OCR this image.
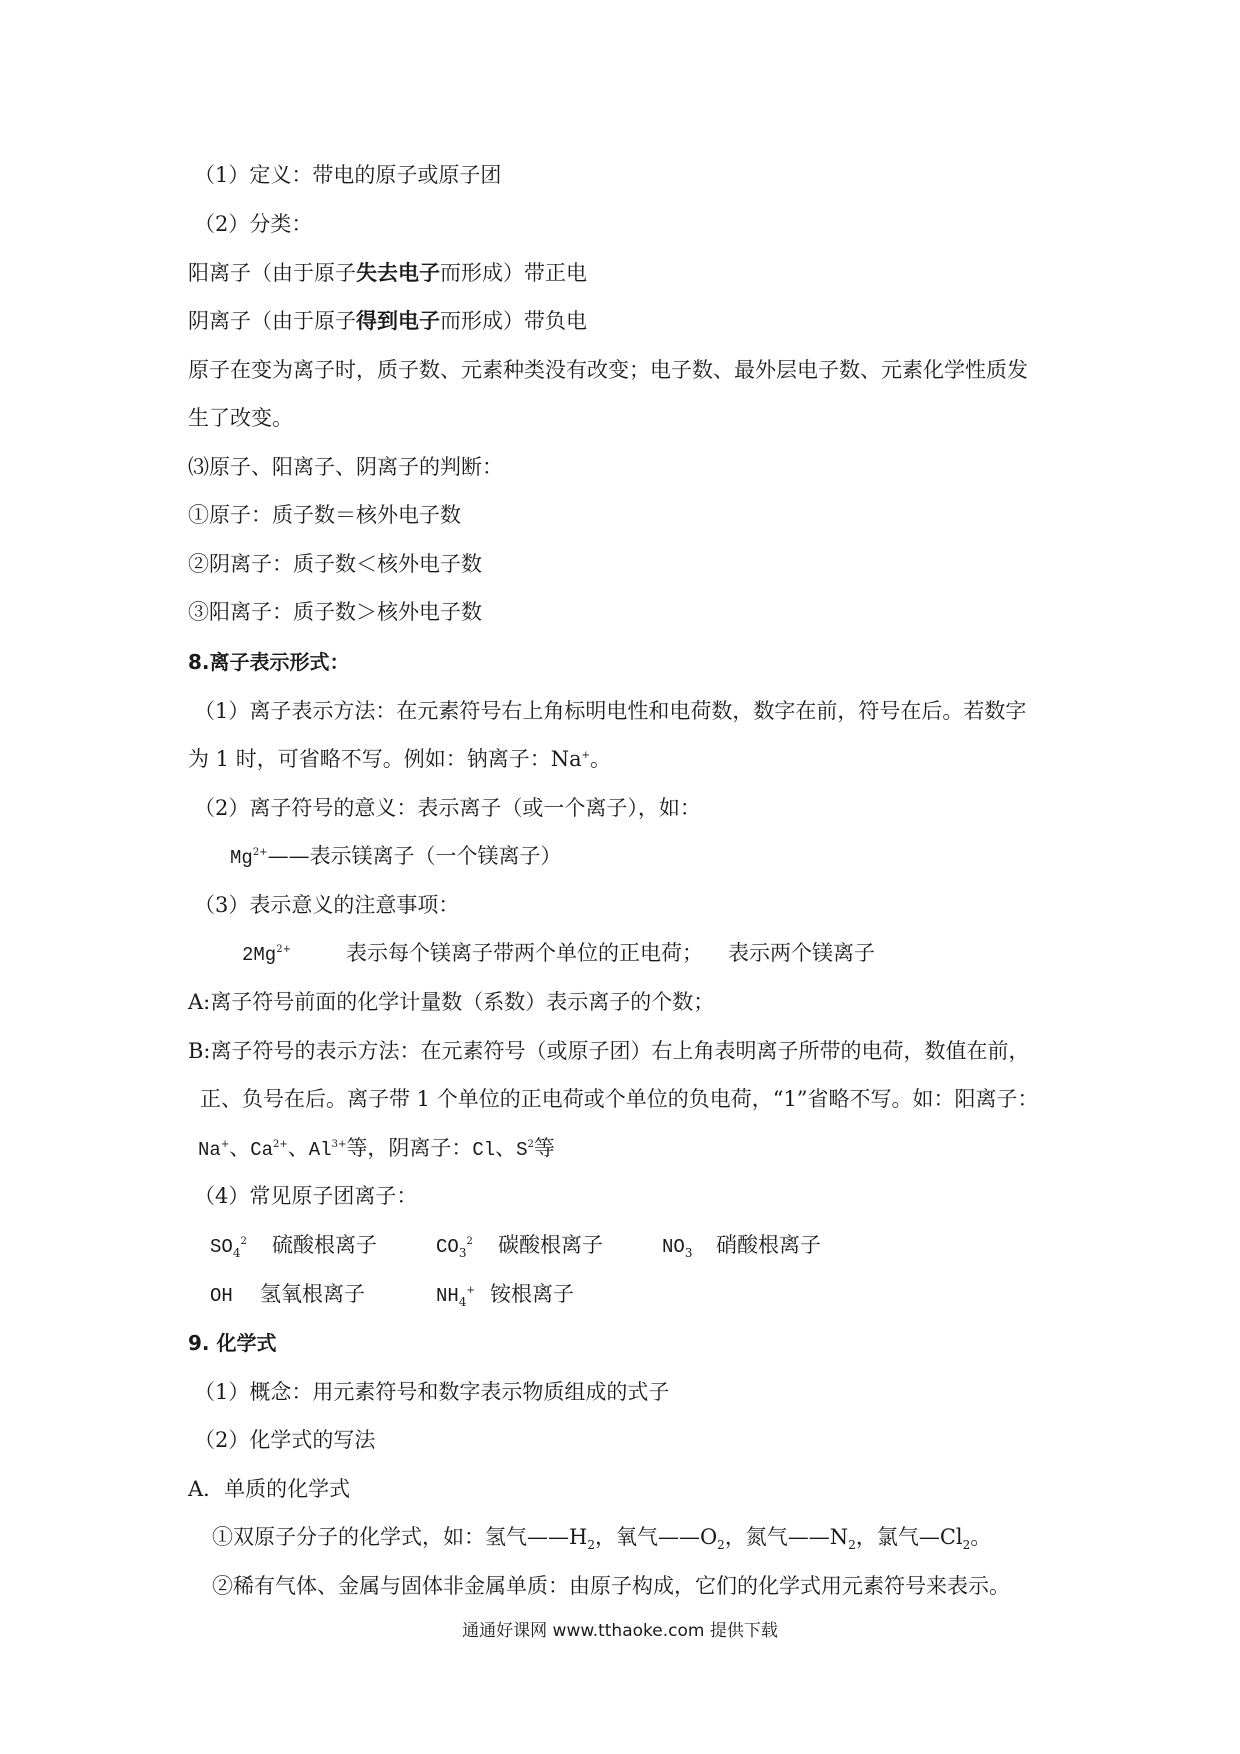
（1）定义：带电的原子或原子团
（2）分类：
阳离子（由于原子失去电子而形成）带正电
阴离子（由于原子得到电子而形成）带负电
原子在变为离子时，质子数、元素种类没有改变；电子数、最外层电子数、元素化学性质发
生了改变。
⑶原子、阳离子、阴离子的判断：
①原子：质子数＝核外电子数
②阴离子：质子数＜核外电子数
③阳离子：质子数＞核外电子数
8.离子表示形式：
（1）离子表示方法：在元素符号右上角标明电性和电荷数，数字在前，符号在后。若数字
为 1 时，可省略不写。例如：钠离子：Na+。
（2）离子符号的意义：表示离子（或一个离子），如：
$Mg^{2+}——$表示镁离子（一个镁离子）
（3）表示意义的注意事项：
$2Mg^{2+}$	表示每个镁离子带两个单位的正电荷； 表示两个镁离子
A:离子符号前面的化学计量数（系数）表示离子的个数；
B:离子符号的表示方法：在元素符号（或原子团）右上角表明离子所带的电荷，数值在前，
正、负号在后。离子带 1 个单位的正电荷或个单位的负电荷，“1”省略不写。如：阳离子：
Na+、$Ca^{2+}$、$Al^{3+}$等，阴离子：Cl、$S^2$等
（4）常见原子团离子：
$SO_4^2$ 硫酸根离子	$CO_3^2$ 碳酸根离子	$NO_3$ 硝酸根离子
OH 氢氧根离子	$NH_4^+$ 铵根离子
9. 化学式
（1）概念：用元素符号和数字表示物质组成的式子
（2）化学式的写法
A．单质的化学式
①双原子分子的化学式，如：氢气$——H_2$，氧气$——O_2$，氮气$——N_2$，氯气$—Cl_2$。
②稀有气体、金属与固体非金属单质：由原子构成，它们的化学式用元素符号来表示。
通通好课网 www.tthaoke.com 提供下载
